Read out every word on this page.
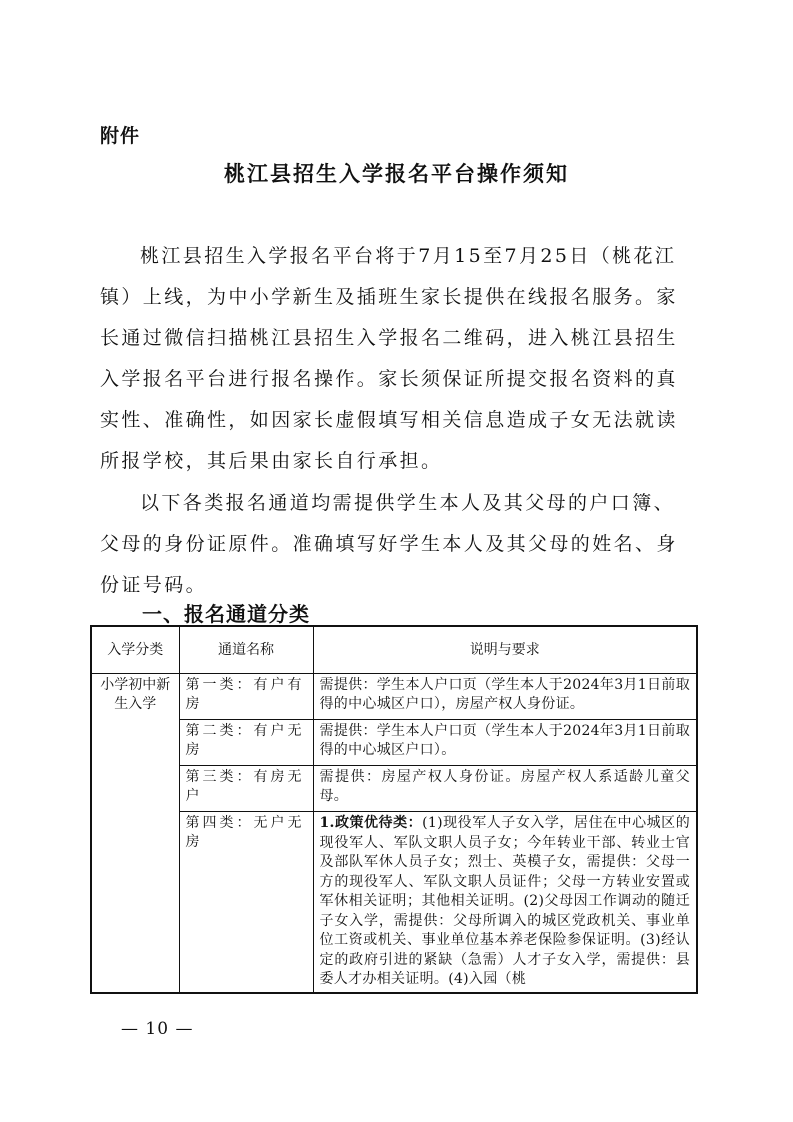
附件
桃江县招生入学报名平台操作须知

桃江县招生入学报名平台将于7月15至7月25日（桃花江镇）上线，为中小学新生及插班生家长提供在线报名服务。家长通过微信扫描桃江县招生入学报名二维码，进入桃江县招生入学报名平台进行报名操作。家长须保证所提交报名资料的真实性、准确性，如因家长虚假填写相关信息造成子女无法就读所报学校，其后果由家长自行承担。

以下各类报名通道均需提供学生本人及其父母的户口簿、父母的身份证原件。准确填写好学生本人及其父母的姓名、身份证号码。

一、报名通道分类
入学分类	通道名称	说明与要求
小学初中新生入学	第一类：有户有房	需提供：学生本人户口页（学生本人于2024年3月1日前取得的中心城区户口），房屋产权人身份证。
	第二类：有户无房	需提供：学生本人户口页（学生本人于2024年3月1日前取得的中心城区户口）。
	第三类：有房无户	需提供：房屋产权人身份证。房屋产权人系适龄儿童父母。
	第四类：无户无房	1.政策优待类：(1)现役军人子女入学，居住在中心城区的现役军人、军队文职人员子女；今年转业干部、转业士官及部队军休人员子女；烈士、英模子女，需提供：父母一方的现役军人、军队文职人员证件；父母一方转业安置或军休相关证明；其他相关证明。(2)父母因工作调动的随迁子女入学，需提供：父母所调入的城区党政机关、事业单位工资或机关、事业单位基本养老保险参保证明。(3)经认定的政府引进的紧缺（急需）人才子女入学，需提供：县委人才办相关证明。(4)入园（桃
— 10 —
